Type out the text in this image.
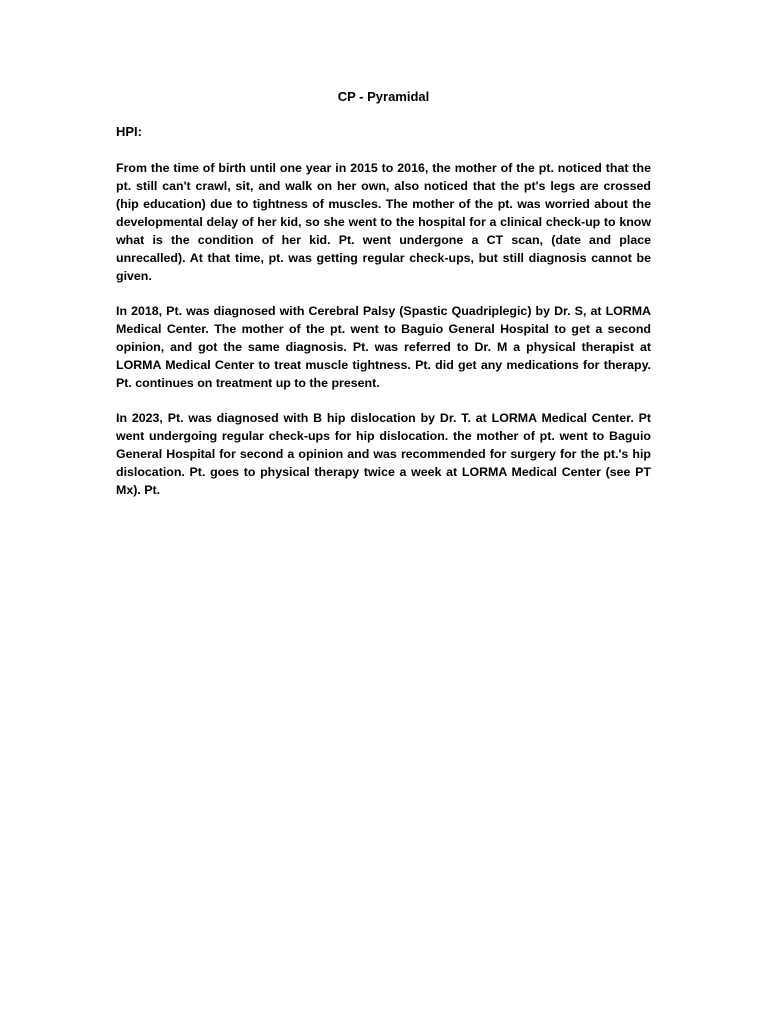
CP - Pyramidal
HPI:

From the time of birth until one year in 2015 to 2016, the mother of the pt. noticed that the pt. still can't crawl, sit, and walk on her own, also noticed that the pt's legs are crossed (hip education) due to tightness of muscles. The mother of the pt. was worried about the developmental delay of her kid, so she went to the hospital for a clinical check-up to know what is the condition of her kid. Pt. went undergone a CT scan, (date and place unrecalled). At that time, pt. was getting regular check-ups, but still diagnosis cannot be given.

In 2018, Pt. was diagnosed with Cerebral Palsy (Spastic Quadriplegic) by Dr. S, at LORMA Medical Center. The mother of the pt. went to Baguio General Hospital to get a second opinion, and got the same diagnosis. Pt. was referred to Dr. M a physical therapist at LORMA Medical Center to treat muscle tightness. Pt. did get any medications for therapy. Pt. continues on treatment up to the present.

In 2023, Pt. was diagnosed with B hip dislocation by Dr. T. at LORMA Medical Center. Pt went undergoing regular check-ups for hip dislocation. the mother of pt. went to Baguio General Hospital for second a opinion and was recommended for surgery for the pt.'s hip dislocation. Pt. goes to physical therapy twice a week at LORMA Medical Center (see PT Mx). Pt.
